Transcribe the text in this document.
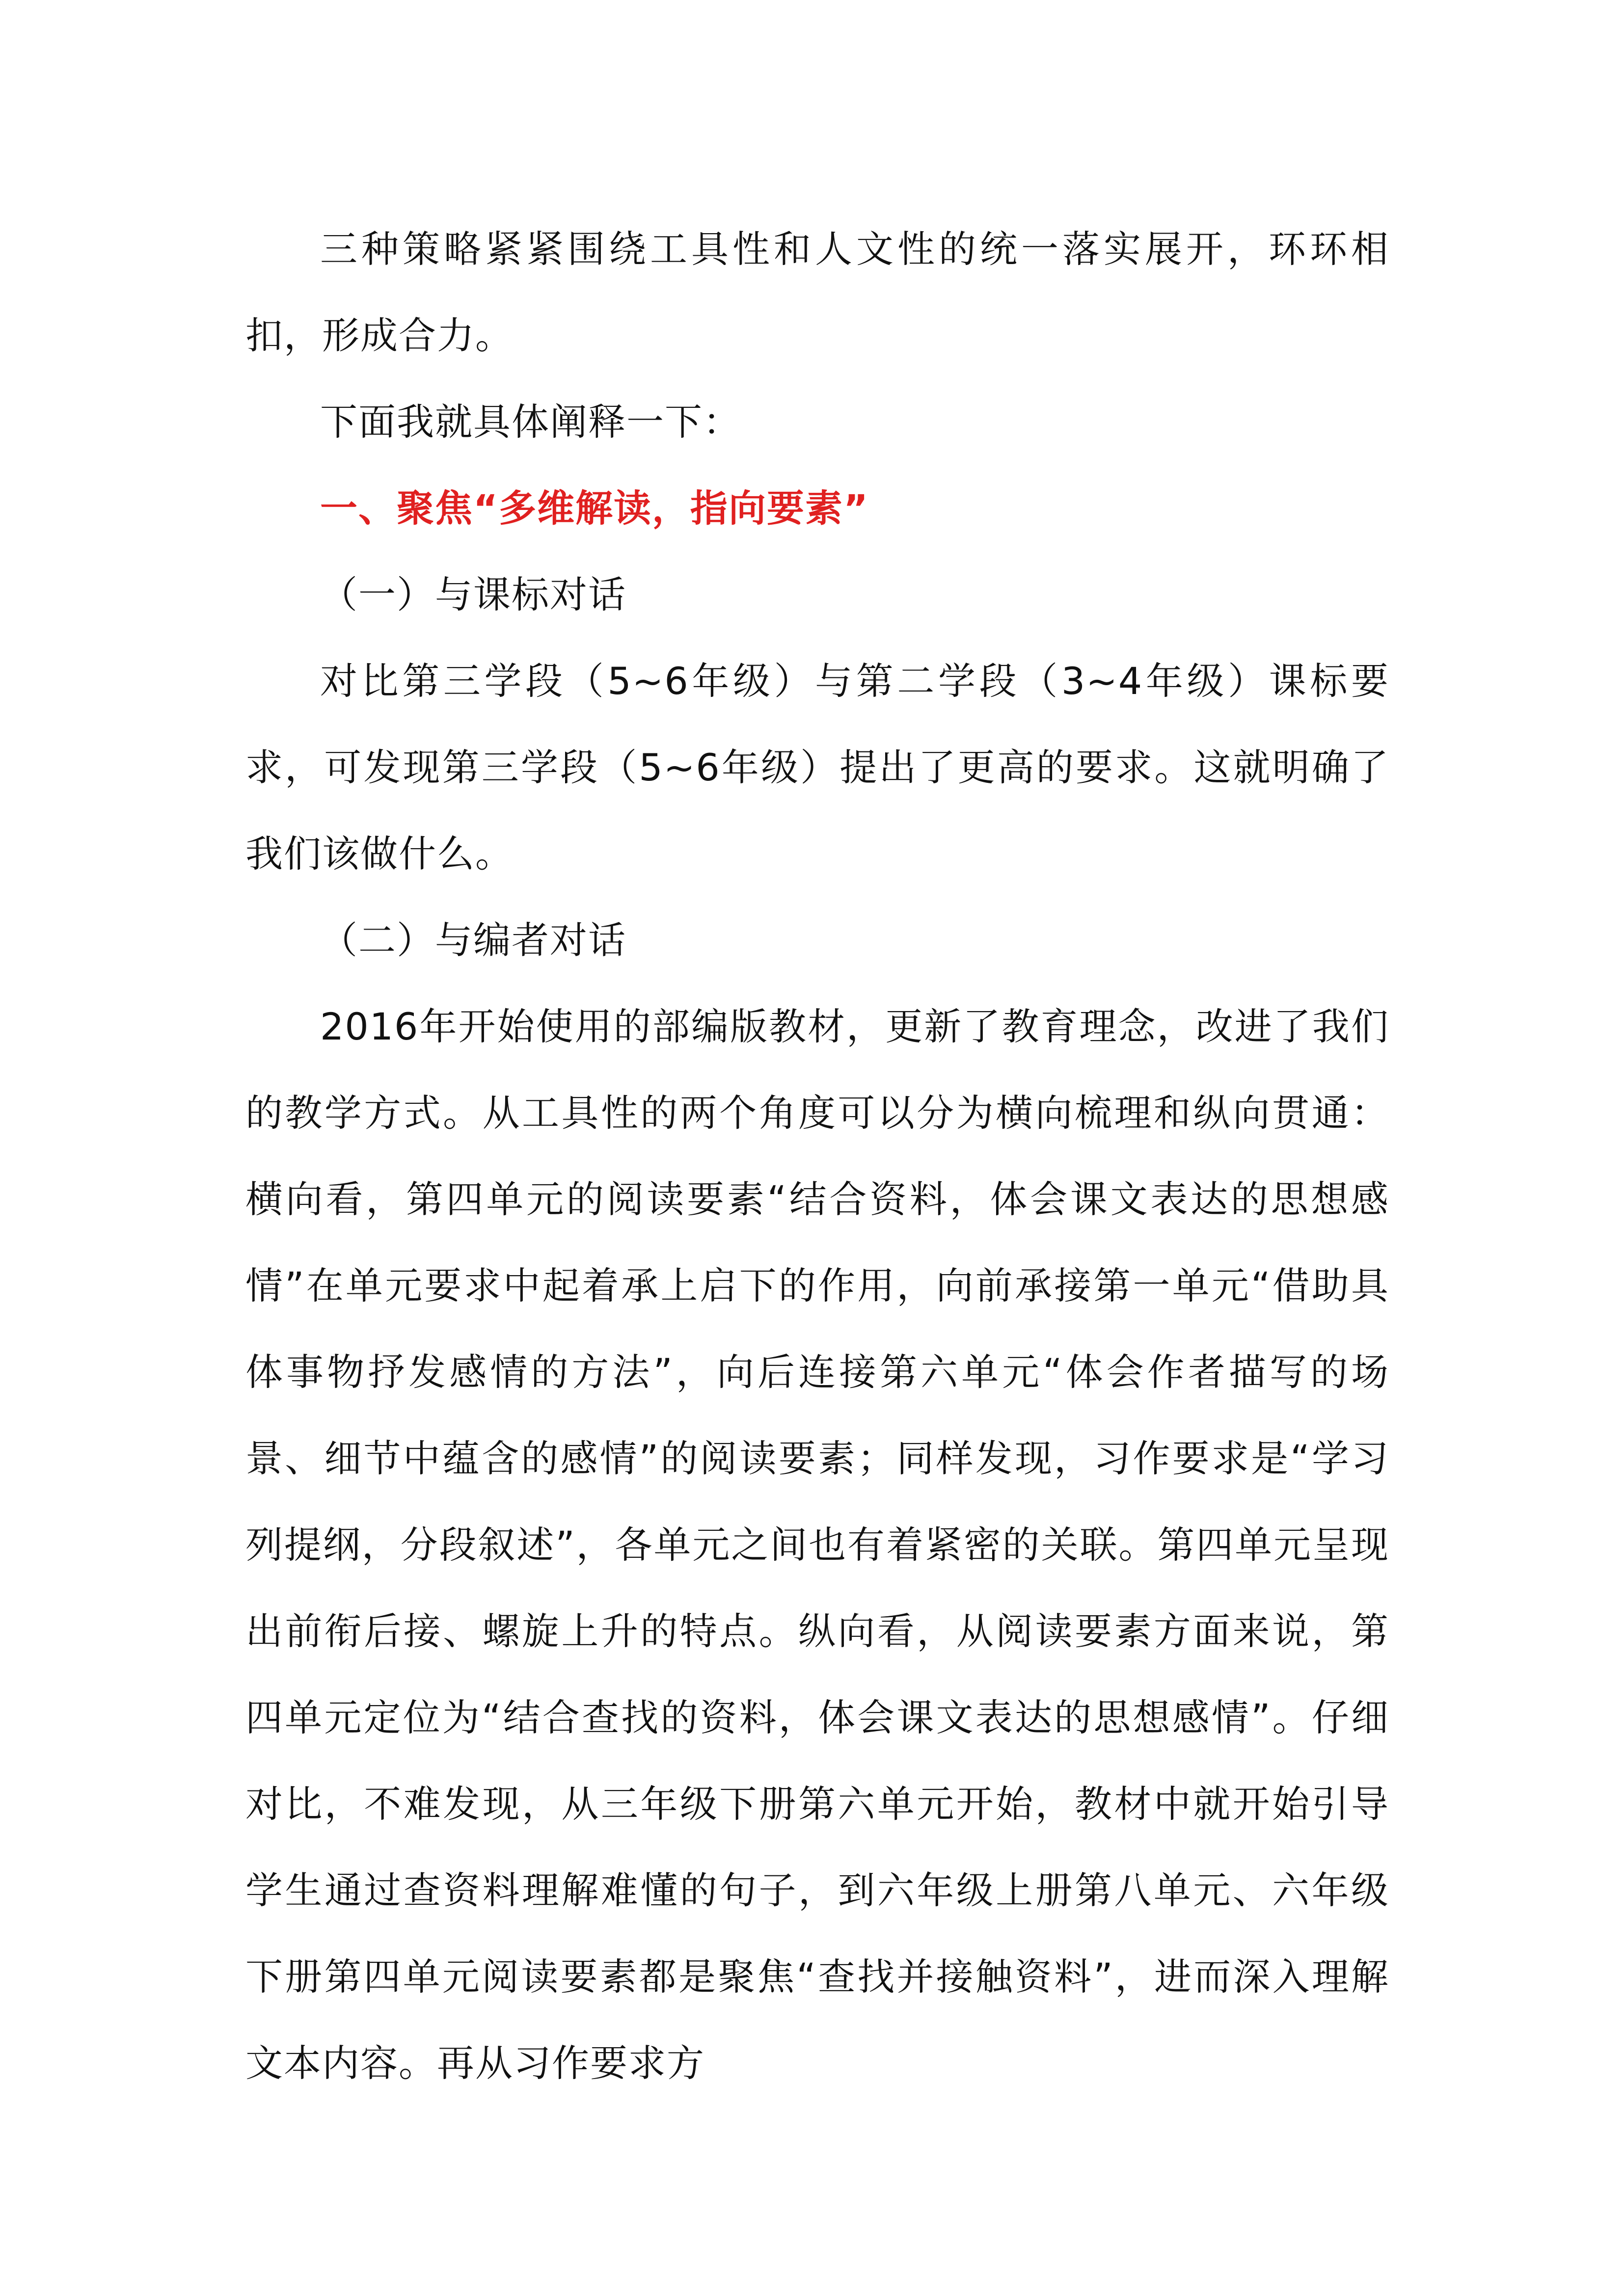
三种策略紧紧围绕工具性和人文性的统一落实展开，环环相扣，形成合力。

下面我就具体阐释一下：

一、聚焦“多维解读，指向要素”

（一）与课标对话

对比第三学段（5~6年级）与第二学段（3~4年级）课标要求，可发现第三学段（5~6年级）提出了更高的要求。这就明确了我们该做什么。

（二）与编者对话

2016年开始使用的部编版教材，更新了教育理念，改进了我们的教学方式。从工具性的两个角度可以分为横向梳理和纵向贯通：横向看，第四单元的阅读要素“结合资料，体会课文表达的思想感情”在单元要求中起着承上启下的作用，向前承接第一单元“借助具体事物抒发感情的方法”，向后连接第六单元“体会作者描写的场景、细节中蕴含的感情”的阅读要素；同样发现，习作要求是“学习列提纲，分段叙述”，各单元之间也有着紧密的关联。第四单元呈现出前衔后接、螺旋上升的特点。纵向看，从阅读要素方面来说，第四单元定位为“结合查找的资料，体会课文表达的思想感情”。仔细对比，不难发现，从三年级下册第六单元开始，教材中就开始引导学生通过查资料理解难懂的句子，到六年级上册第八单元、六年级下册第四单元阅读要素都是聚焦“查找并接触资料”，进而深入理解文本内容。再从习作要求方
